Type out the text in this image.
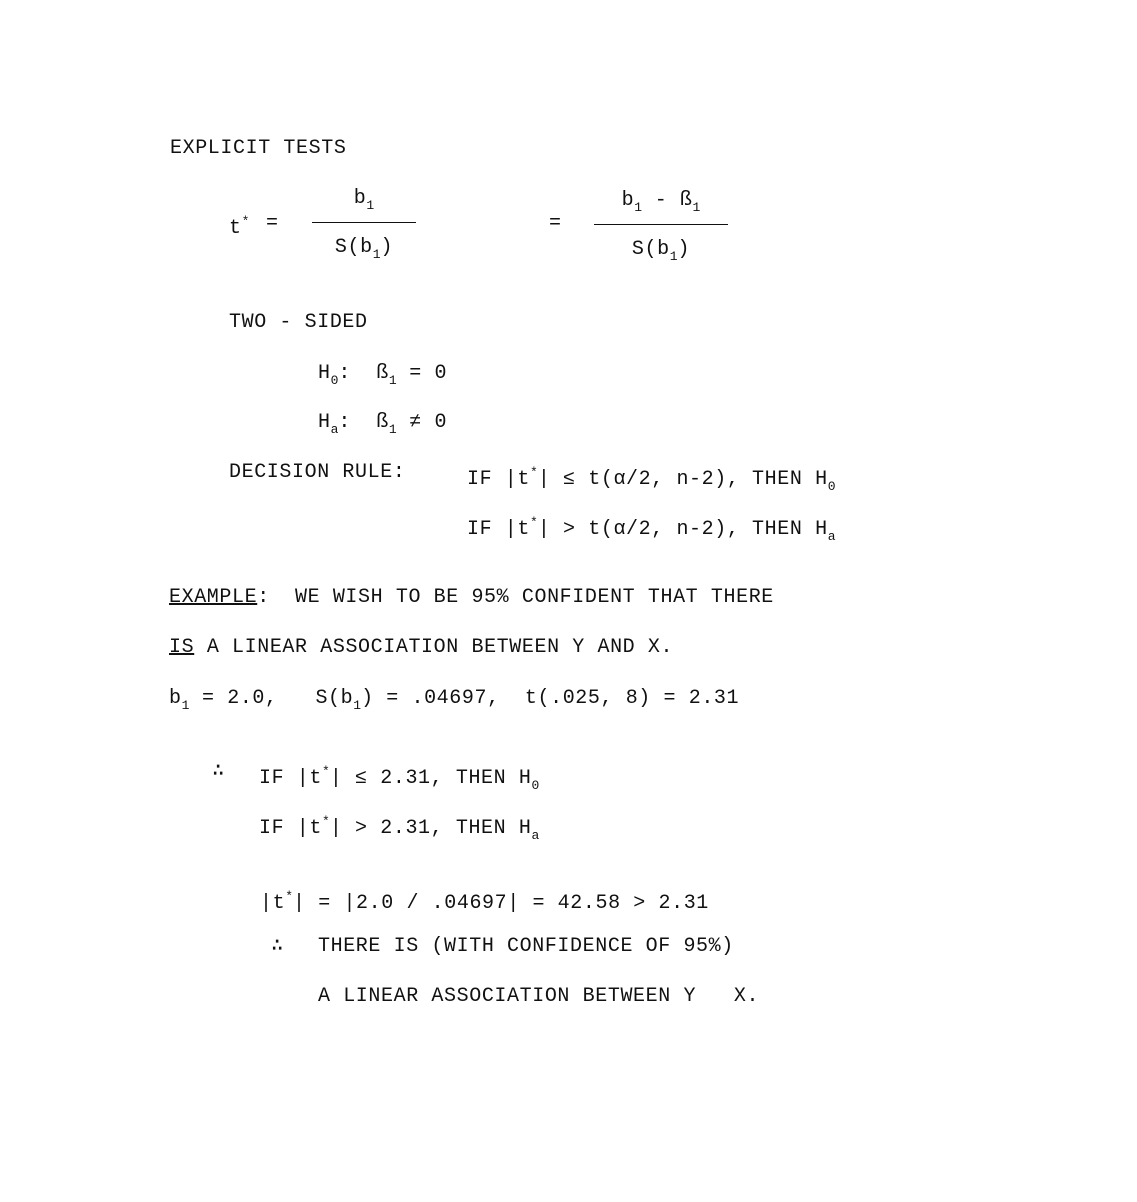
EXPLICIT TESTS
t* =
$b_1$
$S(b_1)$
=
$b_1$ - $ß_1$
$S(b_1)$
TWO - SIDED
$H_0$:  $ß_1 = 0$
$H_a$:  $ß_1 \ne 0$
DECISION RULE:	IF |t*| ≤ t(α/2, n-2), THEN $H_0$
IF |t*| > t(α/2, n-2), THEN $H_a$
EXAMPLE:  WE WISH TO BE 95% CONFIDENT THAT THERE
IS A LINEAR ASSOCIATION BETWEEN Y AND X.
$b_1 = 2.0$,   $S(b_1) = .04697$,  t(.025, 8) = 2.31
∴ IF |t*| ≤ 2.31, THEN $H_0$
IF |t*| > 2.31, THEN $H_a$
|t*| = |2.0 / .04697| = 42.58 > 2.31
∴ THERE IS (WITH CONFIDENCE OF 95%)
A LINEAR ASSOCIATION BETWEEN Y   X.
